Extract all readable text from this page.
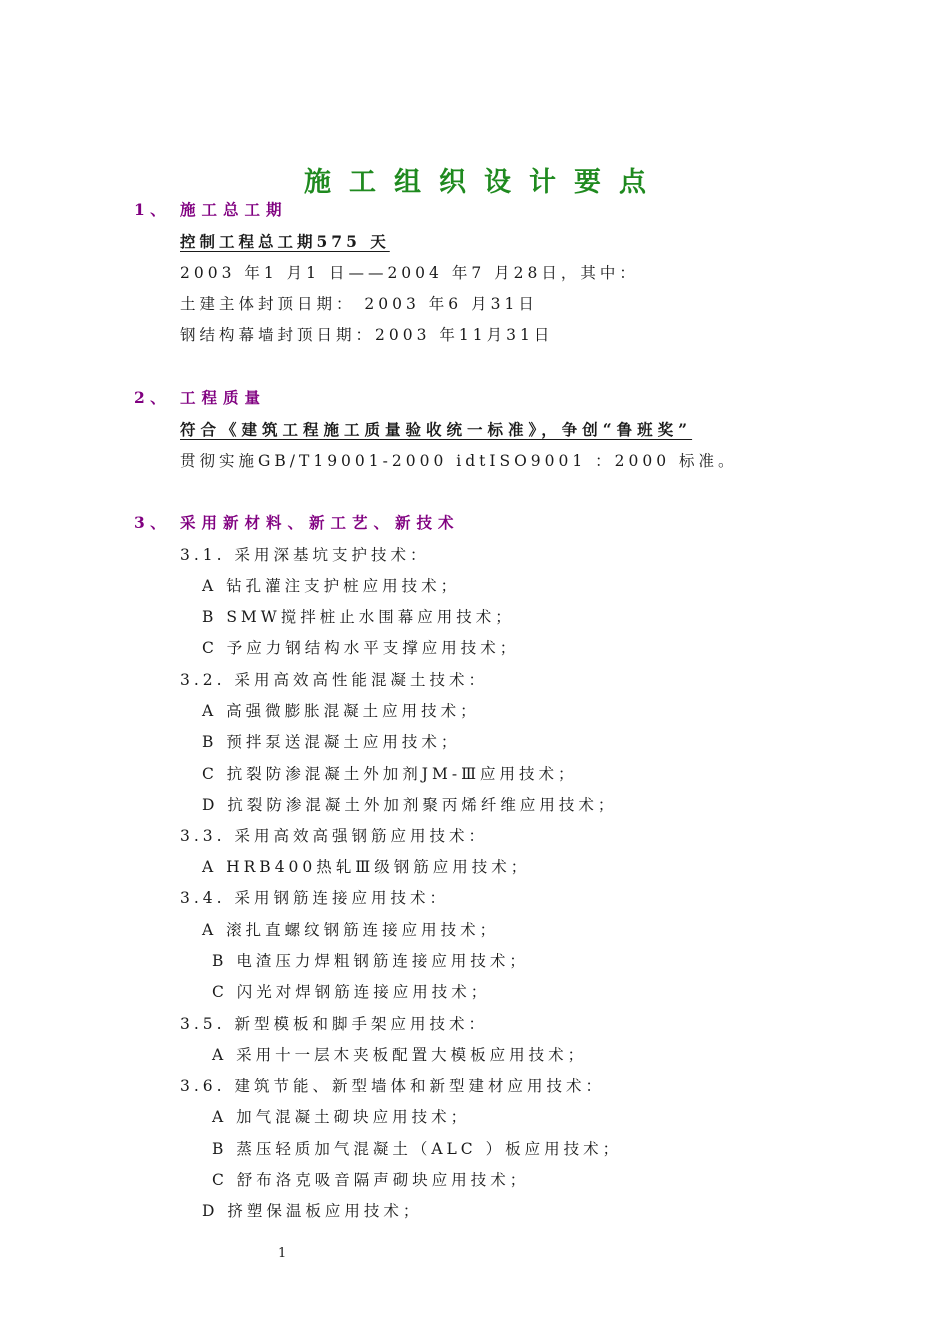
施工组织设计要点
1 、 施工总工期
控制工程总工期575 天
2003 年1 月1 日——2004 年7 月28日，其中：
土建主体封顶日期： 2003 年6 月31日
钢结构幕墙封顶日期：2003 年11月31日
2 、 工程质量
符合《建筑工程施工质量验收统一标准》，争创“鲁班奖”
贯彻实施GB/T19001-2000 idtISO9001 ：2000 标准。
3 、 采用新材料、新工艺、新技术
3.1. 采用深基坑支护技术：
A 钻孔灌注支护桩应用技术；
B SMW搅拌桩止水围幕应用技术；
C 予应力钢结构水平支撑应用技术；
3.2. 采用高效高性能混凝土技术：
A 高强微膨胀混凝土应用技术；
B 预拌泵送混凝土应用技术；
C 抗裂防渗混凝土外加剂JM-Ⅲ应用技术；
D 抗裂防渗混凝土外加剂聚丙烯纤维应用技术；
3.3. 采用高效高强钢筋应用技术：
A HRB400热轧Ⅲ级钢筋应用技术；
3.4. 采用钢筋连接应用技术：
A 滚扎直螺纹钢筋连接应用技术；
B 电渣压力焊粗钢筋连接应用技术；
C 闪光对焊钢筋连接应用技术；
3.5. 新型模板和脚手架应用技术：
A 采用十一层木夹板配置大模板应用技术；
3.6. 建筑节能、新型墙体和新型建材应用技术：
A 加气混凝土砌块应用技术；
B 蒸压轻质加气混凝土（ALC ）板应用技术；
C 舒布洛克吸音隔声砌块应用技术；
D 挤塑保温板应用技术；
1
